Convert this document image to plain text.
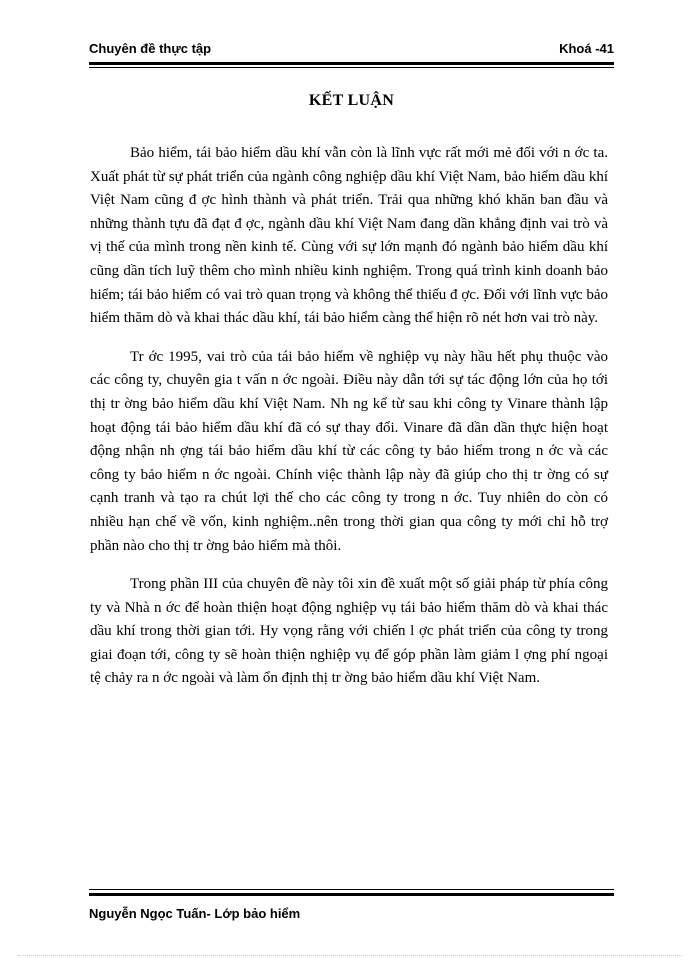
Chuyên đề thực tập	Khoá -41
KẾT LUẬN

Bảo hiểm, tái bảo hiểm dầu khí vẫn còn là lĩnh vực rất mới mẻ đối với n ớc ta. Xuất phát từ sự phát triển của ngành công nghiệp dầu khí Việt Nam, bảo hiểm dầu khí Việt Nam cũng đ ợc hình thành và phát triển. Trải qua những khó khăn ban đầu và những thành tựu đã đạt đ ợc, ngành dầu khí Việt Nam đang dần khẳng định vai trò và vị thế của mình trong nền kinh tế. Cùng với sự lớn mạnh đó ngành bảo hiểm dầu khí cũng dần tích luỹ thêm cho mình nhiều kinh nghiệm. Trong quá trình kinh doanh bảo hiểm; tái bảo hiểm có vai trò quan trọng và không thể thiếu đ ợc. Đối với lĩnh vực bảo hiểm thăm dò và khai thác dầu khí, tái bảo hiểm càng thể hiện rõ nét hơn vai trò này.

Tr ớc 1995, vai trò của tái bảo hiểm về nghiệp vụ này hầu hết phụ thuộc vào các công ty, chuyên gia t vấn n ớc ngoài. Điều này dẫn tới sự tác động lớn của họ tới thị tr ờng bảo hiểm dầu khí Việt Nam. Nh ng kể từ sau khi công ty Vinare thành lập hoạt động tái bảo hiểm dầu khí đã có sự thay đổi. Vinare đã dần dần thực hiện hoạt động nhận nh ợng tái bảo hiểm dầu khí từ các công ty bảo hiểm trong n ớc và các công ty bảo hiểm n ớc ngoài. Chính việc thành lập này đã giúp cho thị tr ờng có sự cạnh tranh và tạo ra chút lợi thế cho các công ty trong n ớc. Tuy nhiên do còn có nhiều hạn chế về vốn, kinh nghiệm..nên trong thời gian qua công ty mới chỉ hỗ trợ phần nào cho thị tr ờng bảo hiểm mà thôi.

Trong phần III của chuyên đề này tôi xin đề xuất một số giải pháp từ phía công ty và Nhà n ớc để hoàn thiện hoạt động nghiệp vụ tái bảo hiểm thăm dò và khai thác dầu khí trong thời gian tới. Hy vọng rằng với chiến l ợc phát triển của công ty trong giai đoạn tới, công ty sẽ hoàn thiện nghiệp vụ để góp phần làm giảm l ợng phí ngoại tệ chảy ra n ớc ngoài và làm ổn định thị tr ờng bảo hiểm dầu khí Việt Nam.

Nguyễn Ngọc Tuấn- Lớp bảo hiểm
